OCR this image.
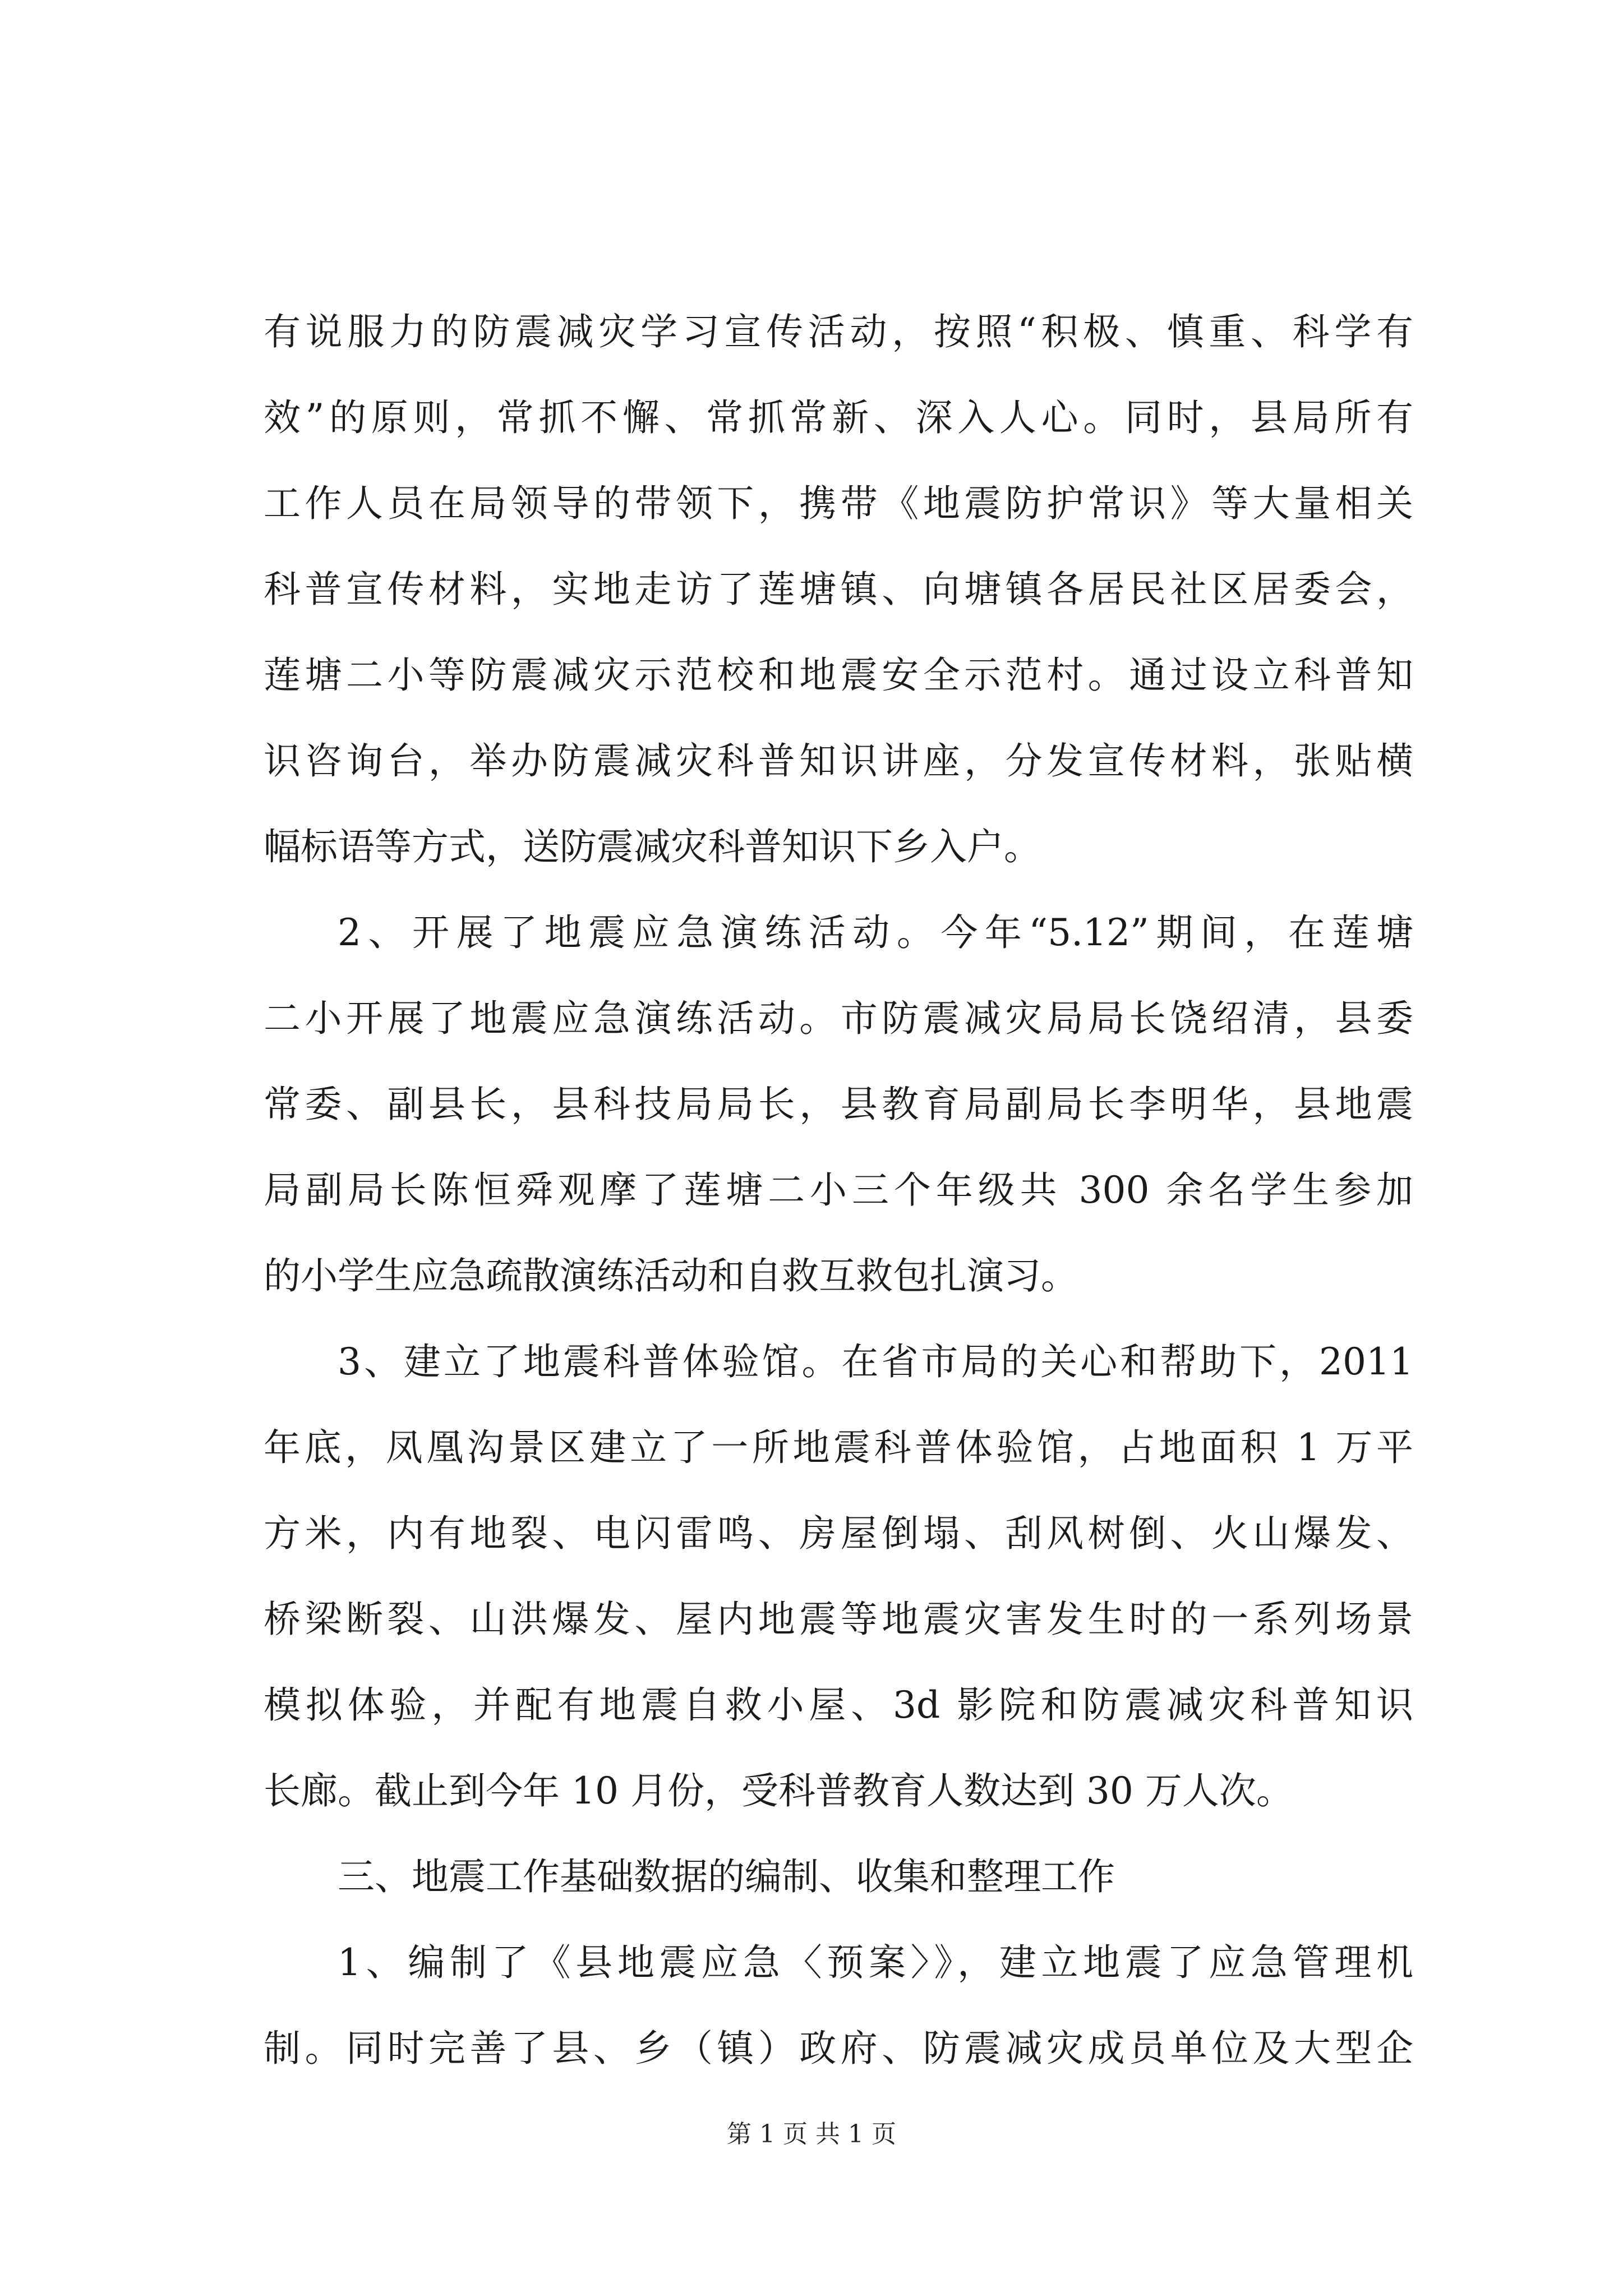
有说服力的防震减灾学习宣传活动，按照“积极、慎重、科学有
效”的原则，常抓不懈、常抓常新、深入人心。同时，县局所有
工作人员在局领导的带领下，携带《地震防护常识》等大量相关
科普宣传材料，实地走访了莲塘镇、向塘镇各居民社区居委会，
莲塘二小等防震减灾示范校和地震安全示范村。通过设立科普知
识咨询台，举办防震减灾科普知识讲座，分发宣传材料，张贴横
幅标语等方式，送防震减灾科普知识下乡入户。
2、开展了地震应急演练活动。今年“5.12”期间，在莲塘
二小开展了地震应急演练活动。市防震减灾局局长饶绍清，县委
常委、副县长，县科技局局长，县教育局副局长李明华，县地震
局副局长陈恒舜观摩了莲塘二小三个年级共 300 余名学生参加
的小学生应急疏散演练活动和自救互救包扎演习。
3、建立了地震科普体验馆。在省市局的关心和帮助下，2011
年底，凤凰沟景区建立了一所地震科普体验馆，占地面积 1 万平
方米，内有地裂、电闪雷鸣、房屋倒塌、刮风树倒、火山爆发、
桥梁断裂、山洪爆发、屋内地震等地震灾害发生时的一系列场景
模拟体验，并配有地震自救小屋、3d 影院和防震减灾科普知识
长廊。截止到今年 10 月份，受科普教育人数达到 30 万人次。
三、地震工作基础数据的编制、收集和整理工作
1、编制了《县地震应急〈预案〉》，建立地震了应急管理机
制。同时完善了县、乡（镇）政府、防震减灾成员单位及大型企
第 1 页 共 1 页
